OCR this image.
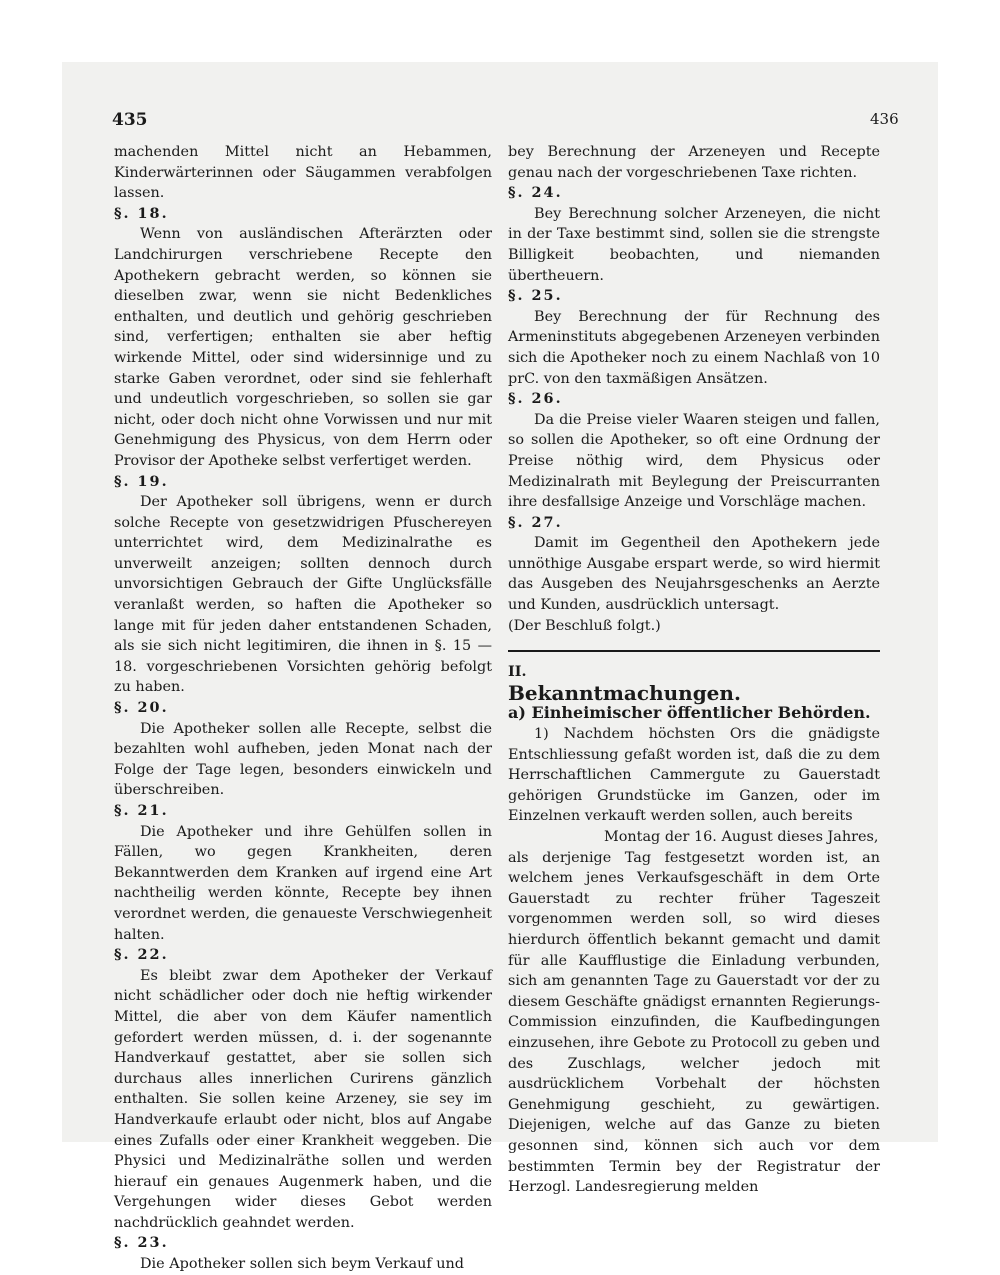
435	436

machenden Mittel nicht an Hebammen, Kinderwärterinnen oder Säugammen verabfolgen lassen.

§. 18.

Wenn von ausländischen Afterärzten oder Landchirurgen verschriebene Recepte den Apothekern gebracht werden, so können sie dieselben zwar, wenn sie nicht Bedenkliches enthalten, und deutlich und gehörig geschrieben sind, verfertigen; enthalten sie aber heftig wirkende Mittel, oder sind widersinnige und zu starke Gaben verordnet, oder sind sie fehlerhaft und undeutlich vorgeschrieben, so sollen sie gar nicht, oder doch nicht ohne Vorwissen und nur mit Genehmigung des Physicus, von dem Herrn oder Provisor der Apotheke selbst verfertiget werden.

§. 19.

Der Apotheker soll übrigens, wenn er durch solche Recepte von gesetzwidrigen Pfuschereyen unterrichtet wird, dem Medizinalrathe es unverweilt anzeigen; sollten dennoch durch unvorsichtigen Gebrauch der Gifte Unglücksfälle veranlaßt werden, so haften die Apotheker so lange mit für jeden daher entstandenen Schaden, als sie sich nicht legitimiren, die ihnen in §. 15 — 18. vorgeschriebenen Vorsichten gehörig befolgt zu haben.

§. 20.

Die Apotheker sollen alle Recepte, selbst die bezahlten wohl aufheben, jeden Monat nach der Folge der Tage legen, besonders einwickeln und überschreiben.

§. 21.

Die Apotheker und ihre Gehülfen sollen in Fällen, wo gegen Krankheiten, deren Bekanntwerden dem Kranken auf irgend eine Art nachtheilig werden könnte, Recepte bey ihnen verordnet werden, die genaueste Verschwiegenheit halten.

§. 22.

Es bleibt zwar dem Apotheker der Verkauf nicht schädlicher oder doch nie heftig wirkender Mittel, die aber von dem Käufer namentlich gefordert werden müssen, d. i. der sogenannte Handverkauf gestattet, aber sie sollen sich durchaus alles innerlichen Curirens gänzlich enthalten. Sie sollen keine Arzeney, sie sey im Handverkaufe erlaubt oder nicht, blos auf Angabe eines Zufalls oder einer Krankheit weggeben. Die Physici und Medizinalräthe sollen und werden hierauf ein genaues Augenmerk haben, und die Vergehungen wider dieses Gebot werden nachdrücklich geahndet werden.

§. 23.

Die Apotheker sollen sich beym Verkauf und

bey Berechnung der Arzeneyen und Recepte genau nach der vorgeschriebenen Taxe richten.

§. 24.

Bey Berechnung solcher Arzeneyen, die nicht in der Taxe bestimmt sind, sollen sie die strengste Billigkeit beobachten, und niemanden übertheuern.

§. 25.

Bey Berechnung der für Rechnung des Armeninstituts abgegebenen Arzeneyen verbinden sich die Apotheker noch zu einem Nachlaß von 10 prC. von den taxmäßigen Ansätzen.

§. 26.

Da die Preise vieler Waaren steigen und fallen, so sollen die Apotheker, so oft eine Ordnung der Preise nöthig wird, dem Physicus oder Medizinalrath mit Beylegung der Preiscurranten ihre desfallsige Anzeige und Vorschläge machen.

§. 27.

Damit im Gegentheil den Apothekern jede unnöthige Ausgabe erspart werde, so wird hiermit das Ausgeben des Neujahrsgeschenks an Aerzte und Kunden, ausdrücklich untersagt.

(Der Beschluß folgt.)

II.

Bekanntmachungen.

a) Einheimischer öffentlicher Behörden.

1) Nachdem höchsten Ors die gnädigste Entschliessung gefaßt worden ist, daß die zu dem Herrschaftlichen Cammergute zu Gauerstadt gehörigen Grundstücke im Ganzen, oder im Einzelnen verkauft werden sollen, auch bereits

Montag der 16. August dieses Jahres,

als derjenige Tag festgesetzt worden ist, an welchem jenes Verkaufsgeschäft in dem Orte Gauerstadt zu rechter früher Tageszeit vorgenommen werden soll, so wird dieses hierdurch öffentlich bekannt gemacht und damit für alle Kaufflustige die Einladung verbunden, sich am genannten Tage zu Gauerstadt vor der zu diesem Geschäfte gnädigst ernannten Regierungs-Commission einzufinden, die Kaufbedingungen einzusehen, ihre Gebote zu Protocoll zu geben und des Zuschlags, welcher jedoch mit ausdrücklichem Vorbehalt der höchsten Genehmigung geschieht, zu gewärtigen. Diejenigen, welche auf das Ganze zu bieten gesonnen sind, können sich auch vor dem bestimmten Termin bey der Registratur der Herzogl. Landesregierung melden
